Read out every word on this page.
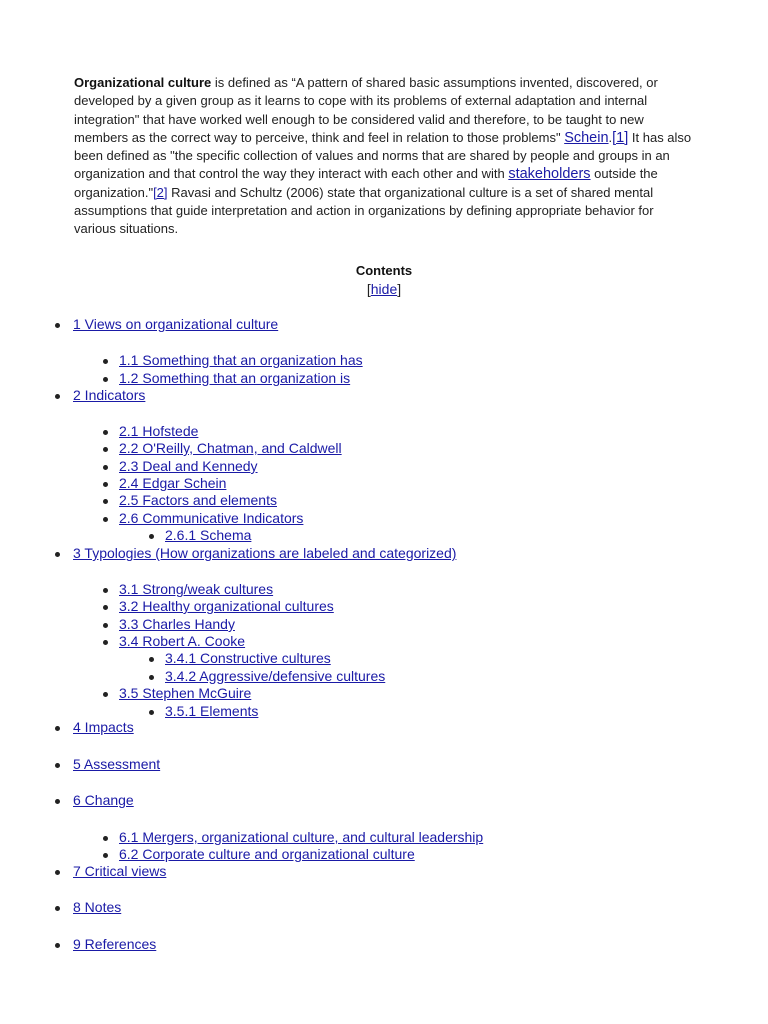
Organizational culture is defined as “A pattern of shared basic assumptions invented, discovered, or developed by a given group as it learns to cope with its problems of external adaptation and internal integration" that have worked well enough to be considered valid and therefore, to be taught to new members as the correct way to perceive, think and feel in relation to those problems" Schein.[1] It has also been defined as "the specific collection of values and norms that are shared by people and groups in an organization and that control the way they interact with each other and with stakeholders outside the organization."[2] Ravasi and Schultz (2006) state that organizational culture is a set of shared mental assumptions that guide interpretation and action in organizations by defining appropriate behavior for various situations.

Contents
[hide]
1 Views on organizational culture
1.1 Something that an organization has
1.2 Something that an organization is
2 Indicators
2.1 Hofstede
2.2 O'Reilly, Chatman, and Caldwell
2.3 Deal and Kennedy
2.4 Edgar Schein
2.5 Factors and elements
2.6 Communicative Indicators
2.6.1 Schema
3 Typologies (How organizations are labeled and categorized)
3.1 Strong/weak cultures
3.2 Healthy organizational cultures
3.3 Charles Handy
3.4 Robert A. Cooke
3.4.1 Constructive cultures
3.4.2 Aggressive/defensive cultures
3.5 Stephen McGuire
3.5.1 Elements
4 Impacts
5 Assessment
6 Change
6.1 Mergers, organizational culture, and cultural leadership
6.2 Corporate culture and organizational culture
7 Critical views
8 Notes
9 References
